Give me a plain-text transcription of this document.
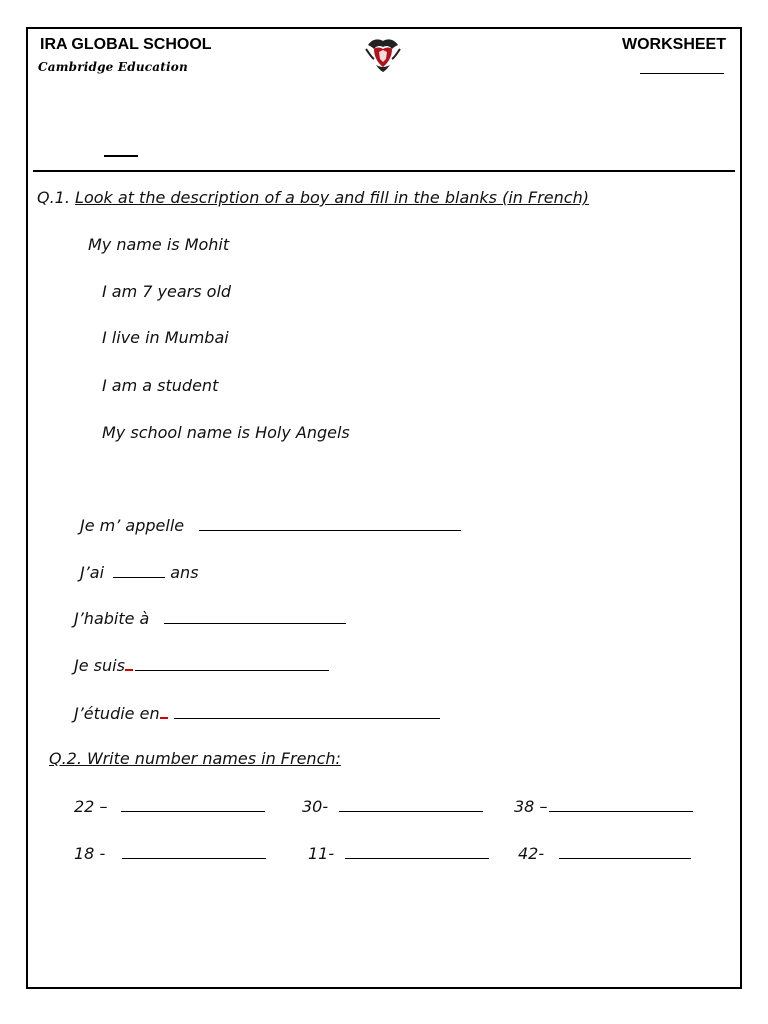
IRA GLOBAL SCHOOL
Cambridge Education
WORKSHEET
Q.1. Look at the description of a boy and fill in the blanks (in French)
My name is Mohit
I am 7 years old
I live in Mumbai
I am a student
My school name is Holy Angels
Je m’ appelle
J’ai	ans
J’habite à
Je suis
J’étudie en
Q.2. Write number names in French:
22 –	30-	38 –
18 -	11-	42-
